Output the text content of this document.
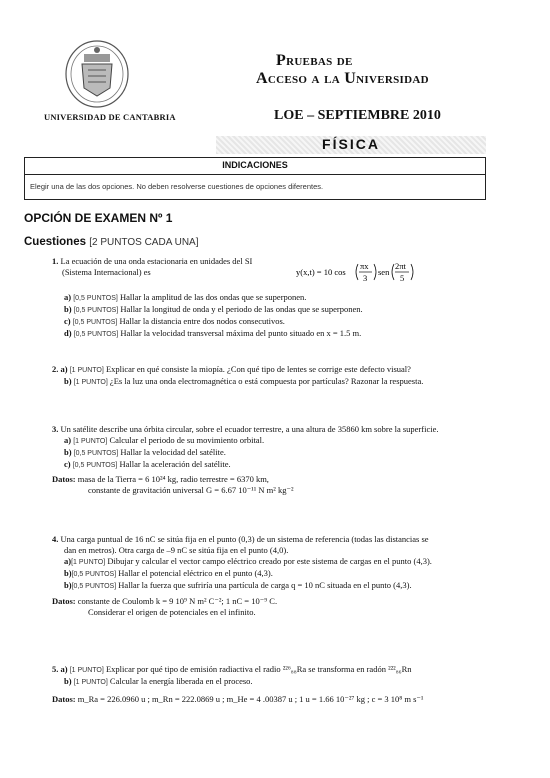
UNIVERSIDAD DE CANTABRIA
Pruebas de
Acceso a la Universidad
LOE – SEPTIEMBRE 2010
FÍSICA
INDICACIONES
Elegir una de las dos opciones. No deben resolverse cuestiones de opciones diferentes.
OPCIÓN DE EXAMEN Nº 1
Cuestiones [2 PUNTOS CADA UNA]
1. La ecuación de una onda estacionaria en unidades del SI
(Sistema Internacional) es	y(x,t) = 10 cos
πx
3
sen
2πt
5
a) [0,5 PUNTOS] Hallar la amplitud de las dos ondas que se superponen.
b) [0,5 PUNTOS] Hallar la longitud de onda y el periodo de las ondas que se superponen.
c) [0,5 PUNTOS] Hallar la distancia entre dos nodos consecutivos.
d) [0,5 PUNTOS] Hallar la velocidad transversal máxima del punto situado en x = 1.5 m.
2. a) [1 PUNTO] Explicar en qué consiste la miopía. ¿Con qué tipo de lentes se corrige este defecto visual?
b) [1 PUNTO] ¿Es la luz una onda electromagnética o está compuesta por partículas? Razonar la respuesta.
3. Un satélite describe una órbita circular, sobre el ecuador terrestre, a una altura de 35860 km sobre la superficie.
a) [1 PUNTO] Calcular el periodo de su movimiento orbital.
b) [0,5 PUNTOS] Hallar la velocidad del satélite.
c) [0,5 PUNTOS] Hallar la aceleración del satélite.
Datos: masa de la Tierra = 6 10²⁴ kg, radio terrestre = 6370 km,
constante de gravitación universal G = 6.67 10⁻¹¹ N m² kg⁻²
4. Una carga puntual de 16 nC se sitúa fija en el punto (0,3) de un sistema de referencia (todas las distancias se
dan en metros). Otra carga de –9 nC se sitúa fija en el punto (4,0).
a)[1 PUNTO] Dibujar y calcular el vector campo eléctrico creado por este sistema de cargas en el punto (4,3).
b)[0,5 PUNTOS] Hallar el potencial eléctrico en el punto (4,3).
b)[0,5 PUNTOS] Hallar la fuerza que sufriría una partícula de carga q = 10 nC situada en el punto (4,3).
Datos: constante de Coulomb k = 9 10⁹ N m² C⁻²; 1 nC = 10⁻⁹ C.
Considerar el origen de potenciales en el infinito.
5. a) [1 PUNTO] Explicar por qué tipo de emisión radiactiva el radio ²²⁶₈₈Ra se transforma en radón ²²²₈₆Rn
b) [1 PUNTO] Calcular la energía liberada en el proceso.
Datos: m_Ra = 226.0960 u ; m_Rn = 222.0869 u ; m_He = 4 .00387 u ; 1 u = 1.66 10⁻²⁷ kg ; c = 3 10⁸ m s⁻¹
